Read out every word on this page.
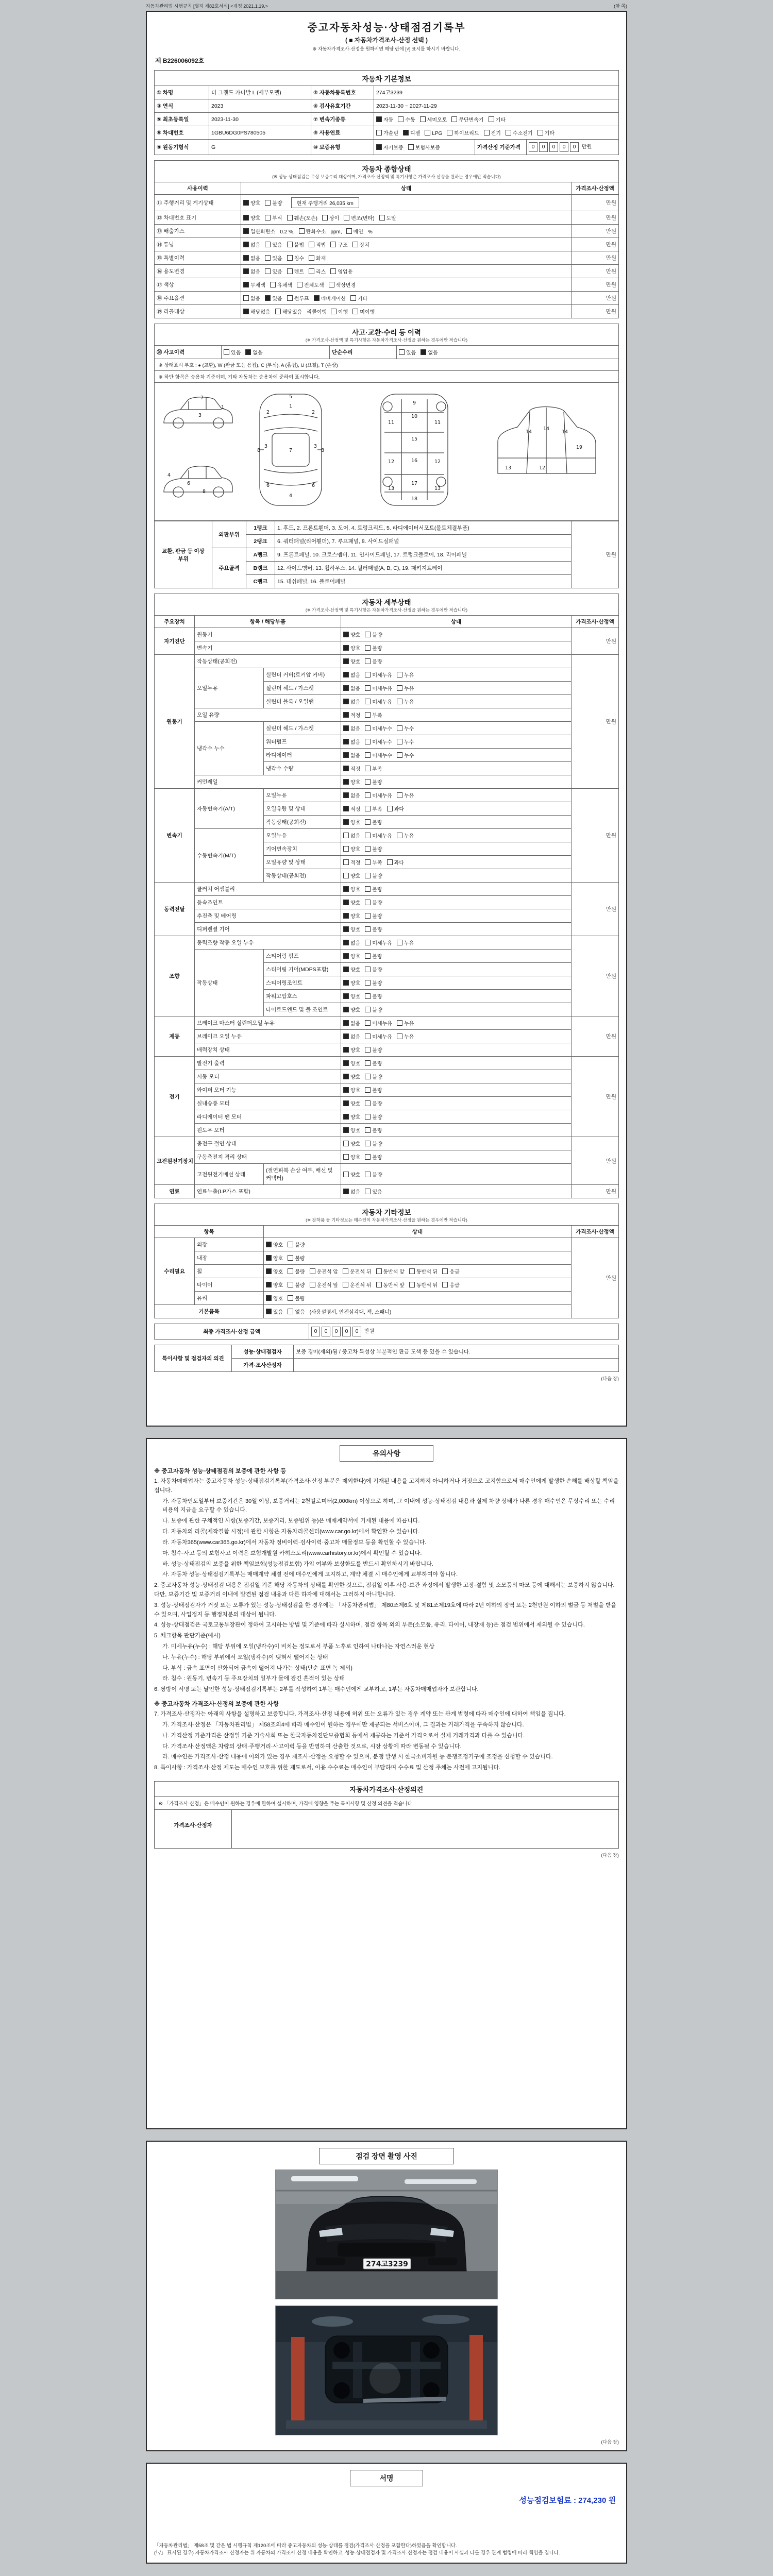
자동차관리법 시행규칙 [별지 제82호서식] <개정 2021.1.19.>	(앞 쪽)
중고자동차성능·상태점검기록부
( ■ 자동차가격조사·산정 선택 )
※ 자동차가격조사·산정을 원하시면 해당 란에 [√] 표시를 하시기 바랍니다.
제 B226006092호
자동차 기본정보
① 차명	더 그랜드 카니발 L (세부모델)	② 자동차등록번호	274고3239		
③ 연식	2023	④ 검사유효기간	2023-11-30 ~ 2027-11-29		
⑤ 최초등록일	2023-11-30	⑦ 변속기종류	자동 수동 세미오토 무단변속기 기타		
⑥ 차대번호	1GBU6DG0PS780505	⑧ 사용연료	가솔린 디젤 LPG 하이브리드 전기 수소전기 기타		
⑨ 원동기형식	G	⑩ 보증유형	자기보증 보험사보증	가격산정 기준가격	0 0 0 0 0 만원
자동차 종합상태
(※ 성능·상태점검은 무상 보증수리 대상이며, 가격조사·산정액 및 특기사항은 가격조사·산정을 원하는 경우에만 적습니다)
사용이력	상태	가격조사·산정액
⑪ 주행거리 및 계기상태	양호 불량 현재 주행거리 26,035 km	만원
⑫ 차대번호 표기	양호 부식 훼손(오손) 상이 변조(변타) 도말	만원
⑬ 배출가스	일산화탄소 0.2 %, 탄화수소 ppm, 매연 %	만원
⑭ 튜닝	없음 있음 불법 적법 구조 장치	만원
⑮ 특별이력	없음 있음 침수 화재	만원
⑯ 용도변경	없음 있음 렌트 리스 영업용	만원
⑰ 색상	무채색 유채색 전체도색 색상변경	만원
⑱ 주요옵션	없음 있음 썬루프 네비게이션 기타	만원
⑲ 리콜대상	해당없음 해당있음 리콜이행 이행 미이행	만원
사고·교환·수리 등 이력
(※ 가격조사·산정액 및 특기사항은 자동차가격조사·산정을 원하는 경우에만 적습니다)
⑳ 사고이력	있음 없음	단순수리	있음 없음
※ 상태표시 부호 : ● (교환), W (판금 또는 용접), C (부식), A (흠집), U (요철), T (손상)
※ 하단 항목은 승용차 기준이며, 기타 자동차는 승용차에 준하여 표시합니다.
1
3
7
4
6
8
1
2	2
3	3
7
6	6
4
8	8
5
9
10
11	11
15
16
12	12
17
13	13
18
14
14
14
12
13
19
교환, 판금 등 이상 부위	외판부위	1랭크	1. 후드, 2. 프론트휀더, 3. 도어, 4. 트렁크리드, 5. 라디에이터서포트(볼트체결부품)	만원
		2랭크	6. 쿼터패널(리어휀더), 7. 루프패널, 8. 사이드실패널	
	주요골격	A랭크	9. 프론트패널, 10. 크로스멤버, 11. 인사이드패널, 17. 트렁크플로어, 18. 리어패널	
		B랭크	12. 사이드멤버, 13. 휠하우스, 14. 필러패널(A, B, C), 19. 패키지트레이	
		C랭크	15. 대쉬패널, 16. 플로어패널	
자동차 세부상태
(※ 가격조사·산정액 및 특기사항은 자동차가격조사·산정을 원하는 경우에만 적습니다)
주요장치	항목 / 해당부품		상태	가격조사·산정액
자기진단	원동기		양호 불량	만원
	변속기		양호 불량	
원동기	작동상태(공회전)		양호 불량	만원
	오일누유	실린더 커버(로커암 커버)	없음 미세누유 누유	
		실린더 헤드 / 가스켓	없음 미세누유 누유	
		실린더 블록 / 오일팬	없음 미세누유 누유	
	오일 유량		적정 부족	
	냉각수 누수	실린더 헤드 / 가스켓	없음 미세누수 누수	
		워터펌프	없음 미세누수 누수	
		라디에이터	없음 미세누수 누수	
		냉각수 수량	적정 부족	
	커먼레일		양호 불량	
변속기	자동변속기(A/T)	오일누유	없음 미세누유 누유	만원
		오일유량 및 상태	적정 부족 과다	
		작동상태(공회전)	양호 불량	
	수동변속기(M/T)	오일누유	없음 미세누유 누유	
		기어변속장치	양호 불량	
		오일유량 및 상태	적정 부족 과다	
		작동상태(공회전)	양호 불량	
동력전달	클러치 어셈블리		양호 불량	만원
	등속조인트		양호 불량	
	추진축 및 베어링		양호 불량	
	디퍼렌셜 기어		양호 불량	
조향	동력조향 작동 오일 누유		없음 미세누유 누유	만원
	작동상태	스티어링 펌프	양호 불량	
		스티어링 기어(MDPS포함)	양호 불량	
		스티어링조인트	양호 불량	
		파워고압호스	양호 불량	
		타이로드엔드 및 볼 조인트	양호 불량	
제동	브레이크 마스터 실린더오일 누유		없음 미세누유 누유	만원
	브레이크 오일 누유		없음 미세누유 누유	
	배력장치 상태		양호 불량	
전기	발전기 출력		양호 불량	만원
	시동 모터		양호 불량	
	와이퍼 모터 기능		양호 불량	
	실내송풍 모터		양호 불량	
	라디에이터 팬 모터		양호 불량	
	윈도우 모터		양호 불량	
고전원전기장치	충전구 절연 상태		양호 불량	만원
	구동축전지 격리 상태		양호 불량	
	고전원전기배선 상태	(절연피복 손상 여부, 배선 및 커넥터)	양호 불량	
연료	연료누출(LP가스 포함)		없음 있음	만원
자동차 기타정보
(※ 장착품 등 기타정보는 매수인이 자동차가격조사·산정을 원하는 경우에만 적습니다)
항목		상태	가격조사·산정액
수리필요	외장	양호 불량	만원
	내장	양호 불량	
	휠	양호 불량 운전석 앞 운전석 뒤 동반석 앞 동반석 뒤 응급	
	타이어	양호 불량 운전석 앞 운전석 뒤 동반석 앞 동반석 뒤 응급	
	유리	양호 불량	
기본품목		있음 없음 (사용설명서, 안전삼각대, 잭, 스패너)	
최종 가격조사·산정 금액	0 0 0 0 0 만원
특이사항 및 점검자의 의견	성능·상태점검자	보증 경미(제외)됨 / 중고차 특성상 부분적인 판금 도색 등 있을 수 있습니다.
	가격·조사산정자	
(다음 장)
유의사항
※ 중고자동차 성능·상태점검의 보증에 관한 사항 등
1. 자동차매매업자는 중고자동차 성능·상태점검기록부(가격조사·산정 부분은 제외한다)에 기재된 내용을 고지하지 아니하거나 거짓으로 고지함으로써 매수인에게 발생한 손해를 배상할 책임을 집니다.
가. 자동차인도일부터 보증기간은 30일 이상, 보증거리는 2천킬로미터(2,000km) 이상으로 하며, 그 이내에 성능·상태점검 내용과 실제 차량 상태가 다른 경우 매수인은 무상수리 또는 수리비용의 지급을 요구할 수 있습니다.
나. 보증에 관한 구체적인 사항(보증기간, 보증거리, 보증범위 등)은 매매계약서에 기재된 내용에 따릅니다.
다. 자동차의 리콜(제작결함 시정)에 관한 사항은 자동차리콜센터(www.car.go.kr)에서 확인할 수 있습니다.
라. 자동차365(www.car365.go.kr)에서 자동차 정비이력·검사이력·중고차 매물정보 등을 확인할 수 있습니다.
마. 침수·사고 등의 보험사고 이력은 보험개발원 카히스토리(www.carhistory.or.kr)에서 확인할 수 있습니다.
바. 성능·상태점검의 보증을 위한 책임보험(성능점검보험) 가입 여부와 보상한도를 반드시 확인하시기 바랍니다.
사. 자동차 성능·상태점검기록부는 매매계약 체결 전에 매수인에게 고지하고, 계약 체결 시 매수인에게 교부하여야 합니다.
2. 중고자동차 성능·상태점검 내용은 점검일 기준 해당 자동차의 상태를 확인한 것으로, 점검일 이후 사용·보관 과정에서 발생한 고장·결함 및 소모품의 마모 등에 대해서는 보증하지 않습니다. 다만, 보증기간 및 보증거리 이내에 발견된 점검 내용과 다른 하자에 대해서는 그러하지 아니합니다.
3. 성능·상태점검자가 거짓 또는 오류가 있는 성능·상태점검을 한 경우에는 「자동차관리법」 제80조제6호 및 제81조제19호에 따라 2년 이하의 징역 또는 2천만원 이하의 벌금 등 처벌을 받을 수 있으며, 사업정지 등 행정처분의 대상이 됩니다.
4. 성능·상태점검은 국토교통부장관이 정하여 고시하는 방법 및 기준에 따라 실시하며, 점검 항목 외의 부분(소모품, 유리, 타이어, 내장재 등)은 점검 범위에서 제외될 수 있습니다.
5. 체크항목 판단기준(예시)
가. 미세누유(누수) : 해당 부위에 오일(냉각수)이 비치는 정도로서 부품 노후로 인하여 나타나는 자연스러운 현상
나. 누유(누수) : 해당 부위에서 오일(냉각수)이 맺혀서 떨어지는 상태
다. 부식 : 금속 표면이 산화되어 금속이 떨어져 나가는 상태(단순 표면 녹 제외)
라. 침수 : 원동기, 변속기 등 주요장치의 일부가 물에 잠긴 흔적이 있는 상태
6. 쌍방이 서명 또는 날인한 성능·상태점검기록부는 2부를 작성하여 1부는 매수인에게 교부하고, 1부는 자동차매매업자가 보관합니다.
※ 중고자동차 가격조사·산정의 보증에 관한 사항
7. 가격조사·산정자는 아래의 사항을 설명하고 보증합니다. 가격조사·산정 내용에 허위 또는 오류가 있는 경우 계약 또는 관계 법령에 따라 매수인에 대하여 책임을 집니다.
가. 가격조사·산정은 「자동차관리법」 제58조의4에 따라 매수인이 원하는 경우에만 제공되는 서비스이며, 그 결과는 거래가격을 구속하지 않습니다.
나. 가격산정 기준가격은 산정일 기준 기술사회 또는 한국자동차진단보증협회 등에서 제공하는 기준서 가격으로서 실제 거래가격과 다를 수 있습니다.
다. 가격조사·산정액은 차량의 상태·주행거리·사고이력 등을 반영하여 산출한 것으로, 시장 상황에 따라 변동될 수 있습니다.
라. 매수인은 가격조사·산정 내용에 이의가 있는 경우 재조사·산정을 요청할 수 있으며, 분쟁 발생 시 한국소비자원 등 분쟁조정기구에 조정을 신청할 수 있습니다.
8. 특이사항 : 가격조사·산정 제도는 매수인 보호를 위한 제도로서, 이용 수수료는 매수인이 부담하며 수수료 및 산정 주체는 사전에 고지됩니다.
자동차가격조사·산정의견
※ 「가격조사·산정」은 매수인이 원하는 경우에 한하여 실시하며, 가격에 영향을 주는 특이사항 및 산정 의견을 적습니다.
가격조사·산정자
(다음 장)
점검 장면 촬영 사진
274고3239
(다음 장)
서명
성능점검보험료 : 274,230 원
「자동차관리법」 제58조 및 같은 법 시행규칙 제120조에 따라 중고자동차의 성능·상태를 점검(가격조사·산정을 포함한다)하였음을 확인합니다.
(「√」 표시된 경우) 자동차가격조사·산정자는 위 자동차의 가격조사·산정 내용을 확인하고, 성능·상태점검자 및 가격조사·산정자는 점검 내용이 사실과 다를 경우 관계 법령에 따라 책임을 집니다.
